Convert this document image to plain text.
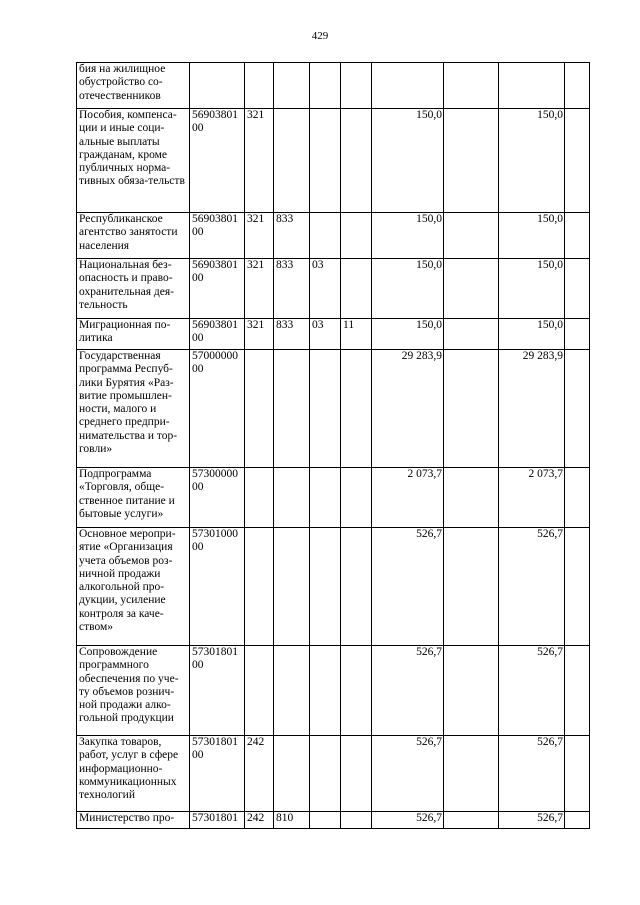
429
бия на жилищное обустройство со-отечественников									
Пособия, компенса-ции и иные соци-альные выплаты гражданам, кроме публичных норма-тивных обяза-тельств	56903801 00	321				150,0		150,0	
Республиканское агентство занятости населения	56903801 00	321	833			150,0		150,0	
Национальная без-опасность и право-охранительная дея-тельность	56903801 00	321	833	03		150,0		150,0	
Миграционная по-литика	56903801 00	321	833	03	11	150,0		150,0	
Государственная программа Респуб-лики Бурятия «Раз-витие промышлен-ности, малого и среднего предпри-нимательства и тор-говли»	57000000 00					29 283,9		29 283,9	
Подпрограмма «Торговля, обще-ственное питание и бытовые услуги»	57300000 00					2 073,7		2 073,7	
Основное меропри-ятие «Организация учета объемов роз-ничной продажи алкогольной про-дукции, усиление контроля за каче-ством»	57301000 00					526,7		526,7	
Сопровождение программного обеспечения по уче-ту объемов рознич-ной продажи алко-гольной продукции	57301801 00					526,7		526,7	
Закупка товаров, работ, услуг в сфере информационно-коммуникационных технологий	57301801 00	242				526,7		526,7	
Министерство про-	57301801	242	810			526,7		526,7	
